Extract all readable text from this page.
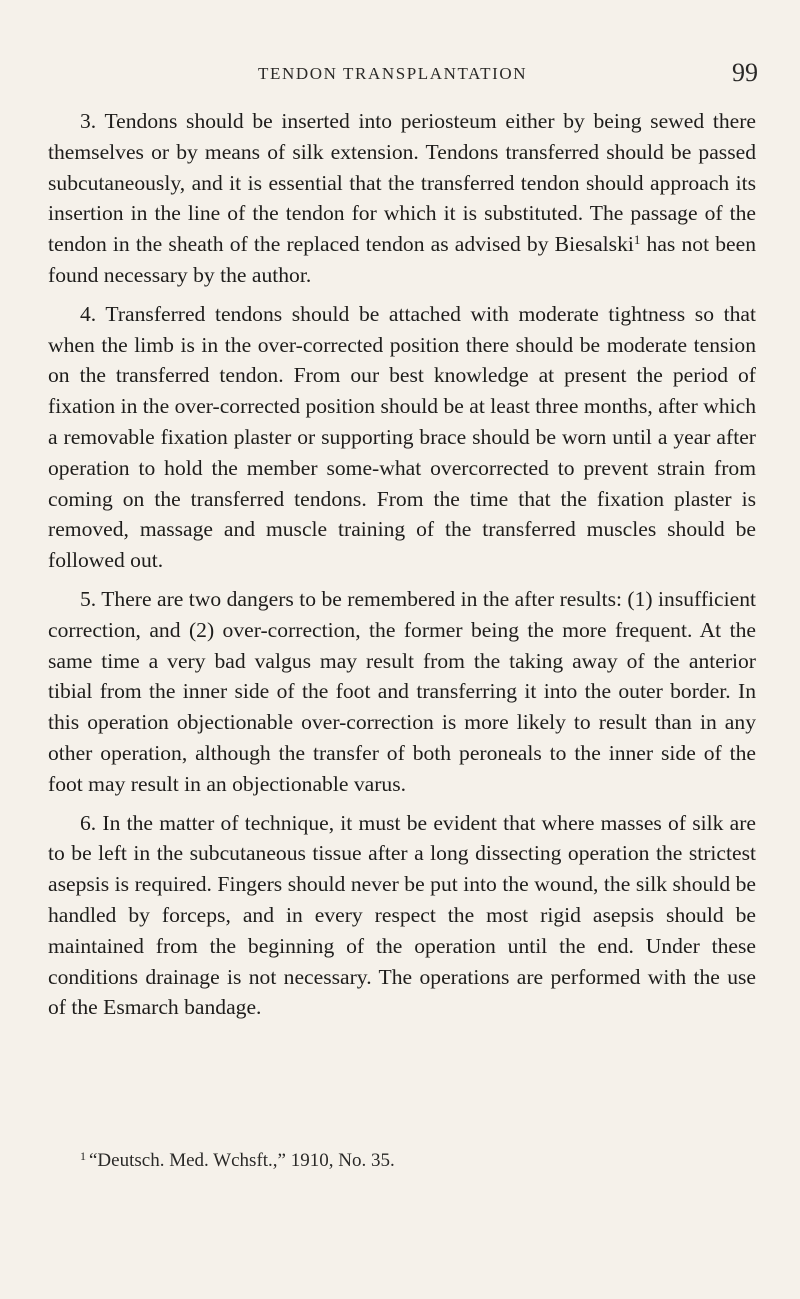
TENDON TRANSPLANTATION	99

3. Tendons should be inserted into periosteum either by being sewed there themselves or by means of silk extension. Tendons transferred should be passed subcutaneously, and it is essential that the transferred tendon should approach its insertion in the line of the tendon for which it is substituted. The passage of the tendon in the sheath of the replaced tendon as advised by Biesalski$^1$ has not been found necessary by the author.

4. Transferred tendons should be attached with moderate tightness so that when the limb is in the over-corrected position there should be moderate tension on the transferred tendon. From our best knowledge at present the period of fixation in the over-corrected position should be at least three months, after which a removable fixation plaster or supporting brace should be worn until a year after operation to hold the member some-what overcorrected to prevent strain from coming on the transferred tendons. From the time that the fixation plaster is removed, massage and muscle training of the transferred muscles should be followed out.

5. There are two dangers to be remembered in the after results: (1) insufficient correction, and (2) over-correction, the former being the more frequent. At the same time a very bad valgus may result from the taking away of the anterior tibial from the inner side of the foot and transferring it into the outer border. In this operation objectionable over-correction is more likely to result than in any other operation, although the transfer of both peroneals to the inner side of the foot may result in an objectionable varus.

6. In the matter of technique, it must be evident that where masses of silk are to be left in the subcutaneous tissue after a long dissecting operation the strictest asepsis is required. Fingers should never be put into the wound, the silk should be handled by forceps, and in every respect the most rigid asepsis should be maintained from the beginning of the operation until the end. Under these conditions drainage is not necessary. The operations are performed with the use of the Esmarch bandage.

$^1$ “Deutsch. Med. Wchsft.,” 1910, No. 35.
